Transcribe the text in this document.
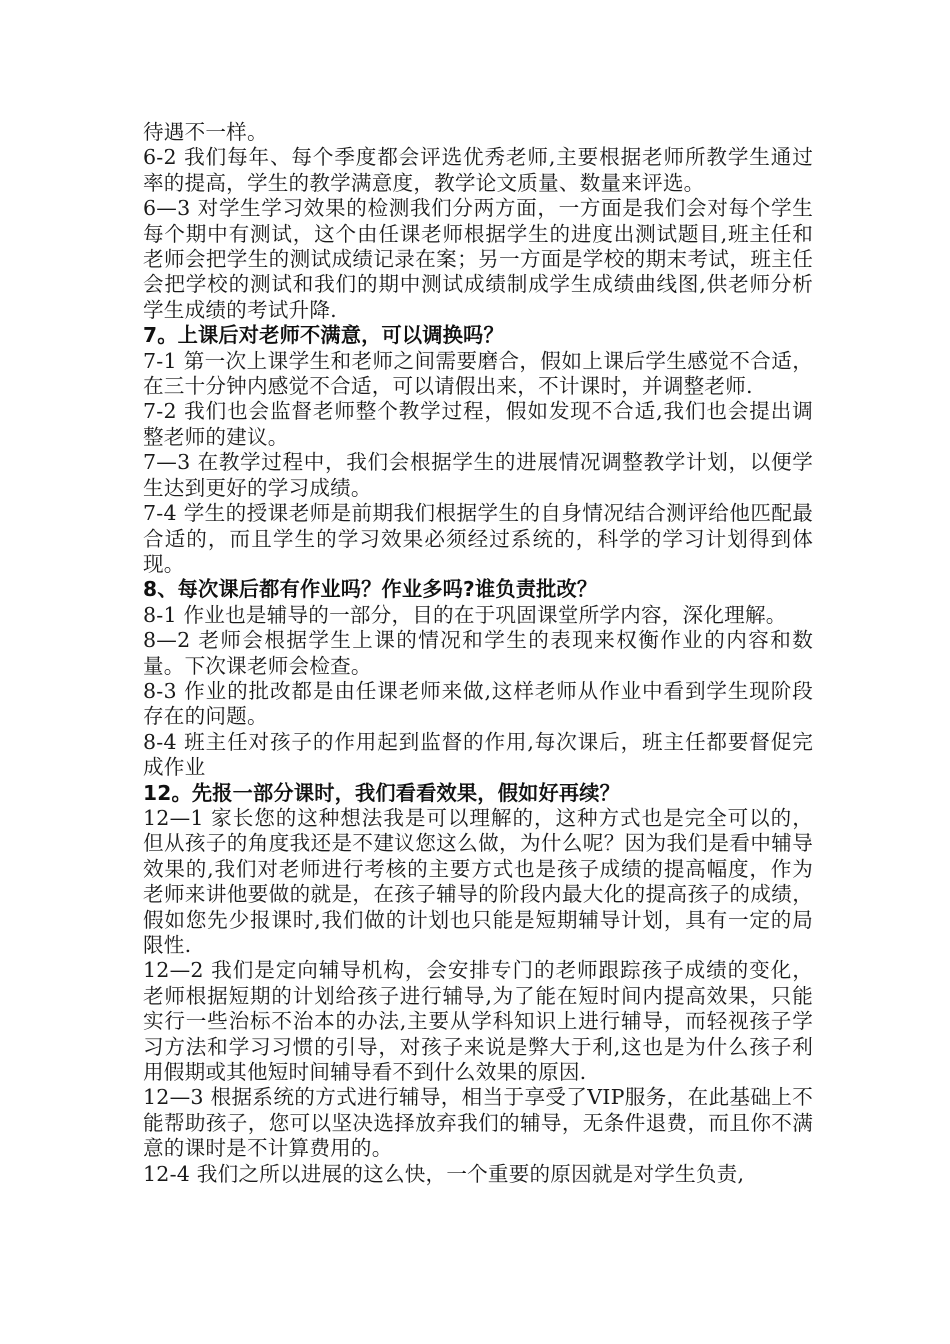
待遇不一样。

6-2 我们每年、每个季度都会评选优秀老师,主要根据老师所教学生通过率的提高，学生的教学满意度，教学论文质量、数量来评选。

6—3 对学生学习效果的检测我们分两方面，一方面是我们会对每个学生每个期中有测试，这个由任课老师根据学生的进度出测试题目,班主任和老师会把学生的测试成绩记录在案；另一方面是学校的期末考试，班主任会把学校的测试和我们的期中测试成绩制成学生成绩曲线图,供老师分析学生成绩的考试升降.

7。上课后对老师不满意，可以调换吗？

7-1 第一次上课学生和老师之间需要磨合，假如上课后学生感觉不合适，在三十分钟内感觉不合适，可以请假出来，不计课时，并调整老师.

7-2 我们也会监督老师整个教学过程，假如发现不合适,我们也会提出调整老师的建议。

7—3 在教学过程中，我们会根据学生的进展情况调整教学计划，以便学生达到更好的学习成绩。

7-4 学生的授课老师是前期我们根据学生的自身情况结合测评给他匹配最合适的，而且学生的学习效果必须经过系统的，科学的学习计划得到体现。

8、每次课后都有作业吗？作业多吗?谁负责批改？

8-1 作业也是辅导的一部分，目的在于巩固课堂所学内容，深化理解。

8—2 老师会根据学生上课的情况和学生的表现来权衡作业的内容和数量。下次课老师会检查。

8-3 作业的批改都是由任课老师来做,这样老师从作业中看到学生现阶段存在的问题。

8-4 班主任对孩子的作用起到监督的作用,每次课后，班主任都要督促完成作业

12。先报一部分课时，我们看看效果，假如好再续？

12—1 家长您的这种想法我是可以理解的，这种方式也是完全可以的，但从孩子的角度我还是不建议您这么做，为什么呢？因为我们是看中辅导效果的,我们对老师进行考核的主要方式也是孩子成绩的提高幅度，作为老师来讲他要做的就是，在孩子辅导的阶段内最大化的提高孩子的成绩，假如您先少报课时,我们做的计划也只能是短期辅导计划，具有一定的局限性.

12—2 我们是定向辅导机构，会安排专门的老师跟踪孩子成绩的变化，老师根据短期的计划给孩子进行辅导,为了能在短时间内提高效果，只能实行一些治标不治本的办法,主要从学科知识上进行辅导，而轻视孩子学习方法和学习习惯的引导，对孩子来说是弊大于利,这也是为什么孩子利用假期或其他短时间辅导看不到什么效果的原因.

12—3 根据系统的方式进行辅导，相当于享受了VIP服务，在此基础上不能帮助孩子，您可以坚决选择放弃我们的辅导，无条件退费，而且你不满意的课时是不计算费用的。

12-4 我们之所以进展的这么快，一个重要的原因就是对学生负责,
